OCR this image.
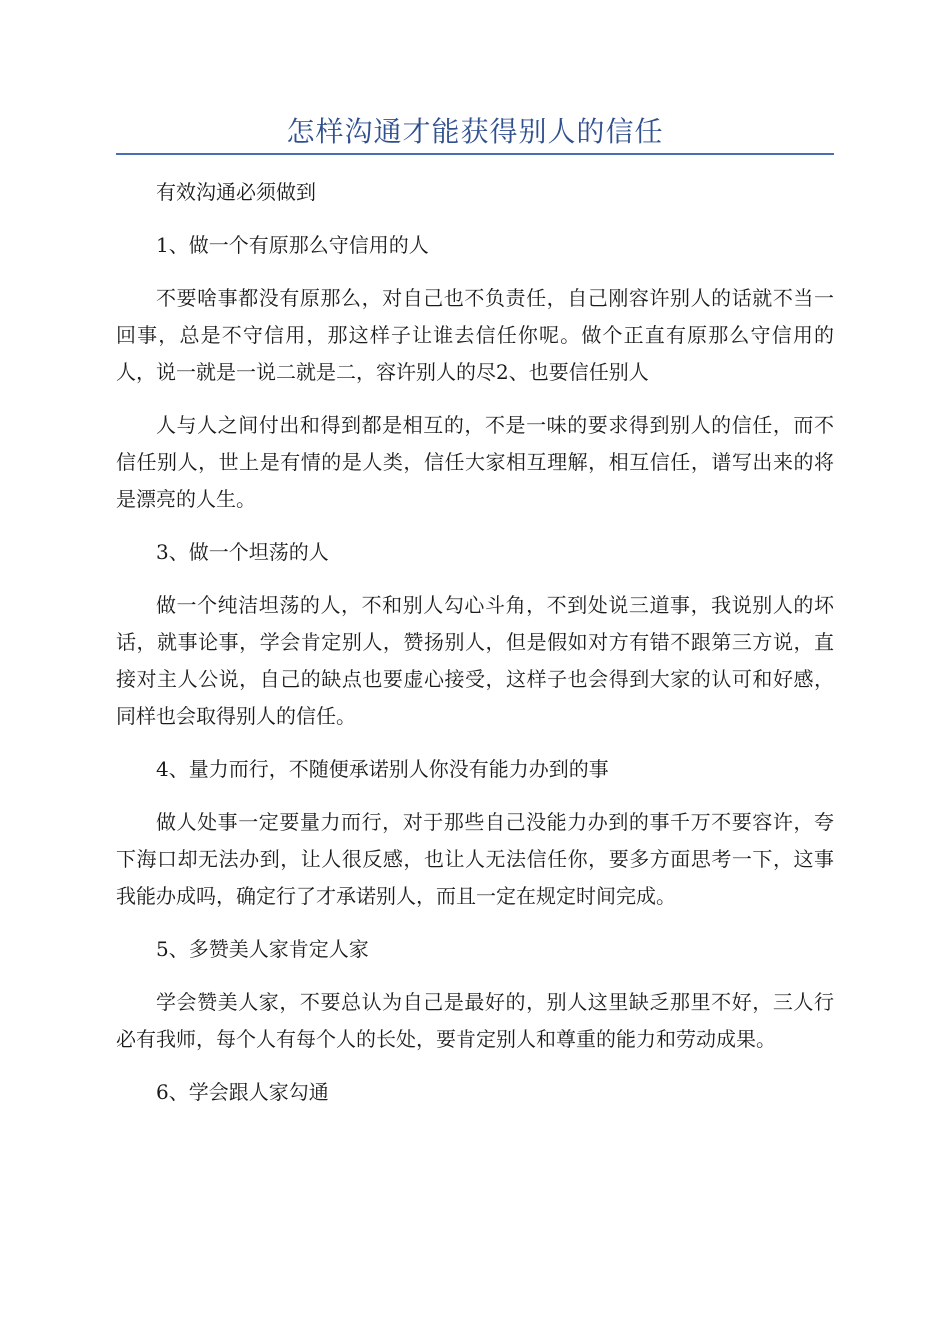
怎样沟通才能获得别人的信任

有效沟通必须做到

1、做一个有原那么守信用的人

不要啥事都没有原那么，对自己也不负责任，自己刚容许别人的话就不当一回事，总是不守信用，那这样子让谁去信任你呢。做个正直有原那么守信用的人，说一就是一说二就是二，容许别人的尽2、也要信任别人

人与人之间付出和得到都是相互的，不是一味的要求得到别人的信任，而不信任别人，世上是有情的是人类，信任大家相互理解，相互信任，谱写出来的将是漂亮的人生。

3、做一个坦荡的人

做一个纯洁坦荡的人，不和别人勾心斗角，不到处说三道事，我说别人的坏话，就事论事，学会肯定别人，赞扬别人，但是假如对方有错不跟第三方说，直接对主人公说，自己的缺点也要虚心接受，这样子也会得到大家的认可和好感，同样也会取得别人的信任。

4、量力而行，不随便承诺别人你没有能力办到的事

做人处事一定要量力而行，对于那些自己没能力办到的事千万不要容许，夸下海口却无法办到，让人很反感，也让人无法信任你，要多方面思考一下，这事我能办成吗，确定行了才承诺别人，而且一定在规定时间完成。

5、多赞美人家肯定人家

学会赞美人家，不要总认为自己是最好的，别人这里缺乏那里不好，三人行必有我师，每个人有每个人的长处，要肯定别人和尊重的能力和劳动成果。

6、学会跟人家勾通
